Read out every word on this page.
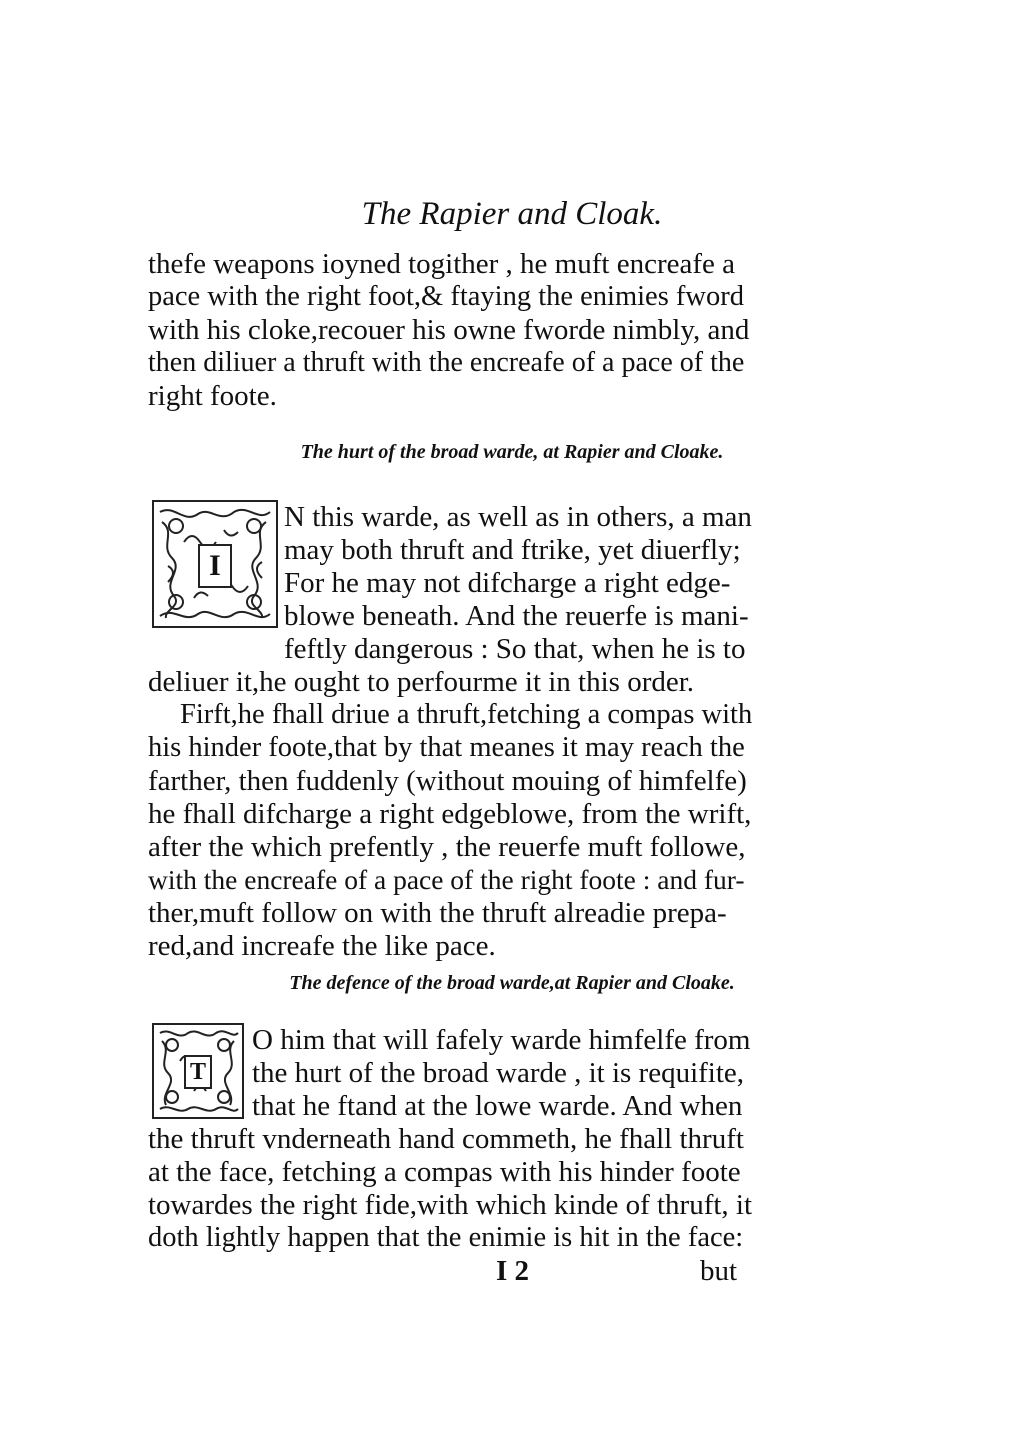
The Rapier and Cloak.
thefe weapons ioyned togither , he muft encreafe a
pace with the right foot,& ftaying the enimies fword
with his cloke,recouer his owne fworde nimbly, and
then diliuer a thruft with the encreafe of a pace of the
right foote.
The hurt of the broad warde, at Rapier and Cloake.
I
N this warde, as well as in others, a man
may both thruft and ftrike, yet diuerfly;
For he may not difcharge a right edge-
blowe beneath. And the reuerfe is mani-
feftly dangerous : So that, when he is to
deliuer it,he ought to perfourme it in this order.
Firft,he fhall driue a thruft,fetching a compas with
his hinder foote,that by that meanes it may reach the
farther, then fuddenly (without mouing of himfelfe)
he fhall difcharge a right edgeblowe, from the wrift,
after the which prefently , the reuerfe muft followe,
with the encreafe of a pace of the right foote : and fur-
ther,muft follow on with the thruft alreadie prepa-
red,and increafe the like pace.
The defence of the broad warde,at Rapier and Cloake.
T
O him that will fafely warde himfelfe from
the hurt of the broad warde , it is requifite,
that he ftand at the lowe warde. And when
the thruft vnderneath hand commeth, he fhall thruft
at the face, fetching a compas with his hinder foote
towardes the right fide,with which kinde of thruft, it
doth lightly happen that the enimie is hit in the face:
I 2	but
